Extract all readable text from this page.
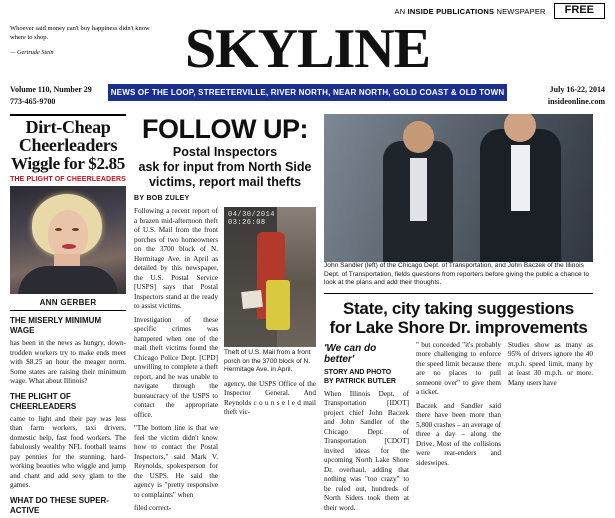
AN INSIDE PUBLICATIONS NEWSPAPER	FREE
Whoever said money can't buy happiness didn't know where to shop.
— Gertrude Stein	SKYLINE
Volume 110, Number 29
773-465-9700
NEWS OF THE LOOP, STREETERVILLE, RIVER NORTH, NEAR NORTH, GOLD COAST & OLD TOWN	July 16-22, 2014
insideonline.com
Dirt-Cheap
Cheerleaders
Wiggle for $2.85
THE PLIGHT OF CHEERLEADERS
ANN GERBER
THE MISERLY MINIMUM WAGE

has been in the news as hungry, down-trodden workers try to make ends meet with $8.25 an hour the meager norm. Some states are raising their minimum wage. What about Illinois?

THE PLIGHT OF CHEERLEADERS

came to light and their pay was less than farm workers, taxi drivers, domestic help, fast food workers. The fabulously wealthy NFL football teams pay pennies for the stunning, hard-working beauties who wiggle and jump and chant and add sexy glam to the games.

WHAT DO THESE SUPER-ACTIVE
FOLLOW UP:
Postal Inspectors
ask for input from North Side
victims, report mail thefts
BY BOB ZULEY

Following a recent report of a brazen mid-afternoon theft of U.S. Mail from the front porches of two homeowners on the 3700 block of N. Hermitage Ave. in April as detailed by this newspaper, the U.S. Postal Service [USPS] says that Postal Inspectors stand at the ready to assist victims.

Investigation of these specific crimes was hampered when one of the mail theft victims found the Chicago Police Dept. [CPD] unwilling to complete a theft report, and he was unable to navigate through the bureaucracy of the USPS to contact the appropriate office.

"The bottom line is that we feel the victim didn't know how to contact the Postal Inspectors," said Mark V. Reynolds, spokesperson for the USPS. He said the agency is "pretty responsive to complaints" when

filed correct-

04/30/2014 03:26:08
Theft of U.S. Mail from a front porch on the 3700 block of N. Hermitage Ave. in April.

agency, the USPS Office of the Inspector General. And Reynolds c o u n s e l e d mail theft vic-

John Sandler (left) of the Chicago Dept. of Transportation, and John Baczek of the Illinois Dept. of Transportation, fields questions from reporters before giving the public a chance to look at the plans and add their thoughts.
State, city taking suggestions
for Lake Shore Dr. improvements
'We can do better'
STORY AND PHOTO
BY PATRICK BUTLER

When Illinois Dept. of Transportation [IDOT] project chief John Baczek and John Sandler of the Chicago Dept. of Transportation [CDOT] invited ideas for the upcoming North Lake Shore Dr. overhaul, adding that nothing was "too crazy" to be ruled out, hundreds of North Siders took them at their word.

" but conceded "it's probably more challenging to enforce the speed limit because there are no places to pull someone over" to give them a ticket.

Baczek and Sandler said there have been more than 5,800 crashes – an average of three a day – along the Drive. Most of the collisions were rear-enders and sideswipes.

Studies show as many as 95% of drivers ignore the 40 m.p.h. speed limit, many by at least 30 m.p.h. or more. Many users have
